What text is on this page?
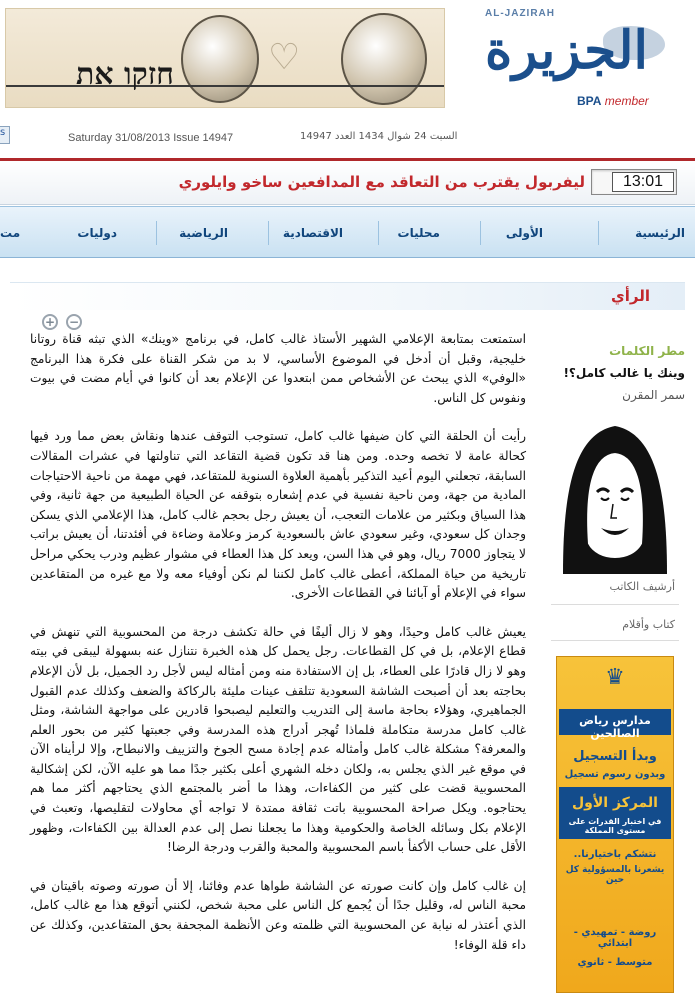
♡
חזקו את
AL-JAZIRAH
الجزيرة
BPA member
s	Saturday 31/08/2013 Issue 14947	السبت 24 شوال 1434 العدد 14947
ليفربول يقترب من التعاقد مع المدافعين ساخو وايلوري	13:01
الرئيسية
الأولى
محليات
الاقتصادية
الرياضية
دوليات
مت
الرأي
+ −

استمتعت بمتابعة الإعلامي الشهير الأستاذ غالب كامل، في برنامج «وينك» الذي تبثه قناة روتانا خليجية، وقبل أن أدخل في الموضوع الأساسي، لا بد من شكر القناة على فكرة هذا البرنامج «الوفي» الذي يبحث عن الأشخاص ممن ابتعدوا عن الإعلام بعد أن كانوا في أيام مضت في بيوت ونفوس كل الناس.

رأيت أن الحلقة التي كان ضيفها غالب كامل، تستوجب التوقف عندها ونقاش بعض مما ورد فيها كحالة عامة لا تخصه وحده. ومن هنا قد تكون قضية التقاعد التي تناولتها في عشرات المقالات السابقة، تجعلني اليوم أعيد التذكير بأهمية العلاوة السنوية للمتقاعد، فهي مهمة من ناحية الاحتياجات المادية من جهة، ومن ناحية نفسية في عدم إشعاره بتوقفه عن الحياة الطبيعية من جهة ثانية، وفي هذا السياق وبكثير من علامات التعجب، أن يعيش رجل بحجم غالب كامل، هذا الإعلامي الذي يسكن وجدان كل سعودي، وغير سعودي عاش بالسعودية كرمز وعلامة وضاءة في أفئدتنا، أن يعيش براتب لا يتجاوز 7000 ريال، وهو في هذا السن، ويعد كل هذا العطاء في مشوار عظيم ودرب يحكي مراحل تاريخية من حياة المملكة، أعطى غالب كامل لكننا لم نكن أوفياء معه ولا مع غيره من المتقاعدين سواء في الإعلام أو آبائنا في القطاعات الأخرى.

يعيش غالب كامل وحيدًا، وهو لا زال أليفًا في حالة تكشف درجة من المحسوبية التي تنهش في قطاع الإعلام، بل في كل القطاعات. رجل يحمل كل هذه الخبرة نتنازل عنه بسهولة ليبقى في بيته وهو لا زال قادرًا على العطاء، بل إن الاستفادة منه ومن أمثاله ليس لأجل رد الجميل، بل لأن الإعلام بحاجته بعد أن أصبحت الشاشة السعودية تتلقف عينات مليئة بالركاكة والضعف وكذلك عدم القبول الجماهيري، وهؤلاء بحاجة ماسة إلى التدريب والتعليم ليصبحوا قادرين على مواجهة الشاشة، ومثل غالب كامل مدرسة متكاملة فلماذا تُهجر أدراج هذه المدرسة وفي جعبتها كثير من بحور العلم والمعرفة؟ مشكلة غالب كامل وأمثاله عدم إجادة مسح الجوخ والتزييف والانبطاح، وإلا لرأيناه الآن في موقع غير الذي يجلس به، ولكان دخله الشهري أعلى بكثير جدًا مما هو عليه الآن، لكن إشكالية المحسوبية قضت على كثير من الكفاءات، وهذا ما أضر بالمجتمع الذي يحتاجهم أكثر مما هم يحتاجوه. ويكل صراحة المحسوبية باتت ثقافة ممتدة لا تواجه أي محاولات لتقليصها، وتعبث في الإعلام بكل وسائله الخاصة والحكومية وهذا ما يجعلنا نصل إلى عدم العدالة بين الكفاءات، وظهور الأقل على حساب الأكفأ باسم المحسوبية والمحبة والقرب ودرجة الرضا!

إن غالب كامل وإن كانت صورته عن الشاشة طواها عدم وفائنا، إلا أن صورته وصوته باقيتان في محبة الناس له، وقليل جدًا أن يُجمع كل الناس على محبة شخص، لكنني أتوقع هذا مع غالب كامل، الذي أعتذر له نيابة عن المحسوبية التي ظلمته وعن الأنظمة المجحفة بحق المتقاعدين، وكذلك عن داء قلة الوفاء!

مطر الكلمات
وينك يا غالب كامل؟!
سمر المقرن
أرشيف الكاتب
كتاب وأقلام
♛
مدارس رياض الصالحين
وبدأ التسجيل
وبدون رسوم تسجيل
المركز الأول
في اختبار القدرات على مستوى المملكة
نتشكم باختيارنا..
يشعرنا بالمسؤولية كل حين
روضة - تمهيدي - ابتدائي
متوسط - ثانوي
